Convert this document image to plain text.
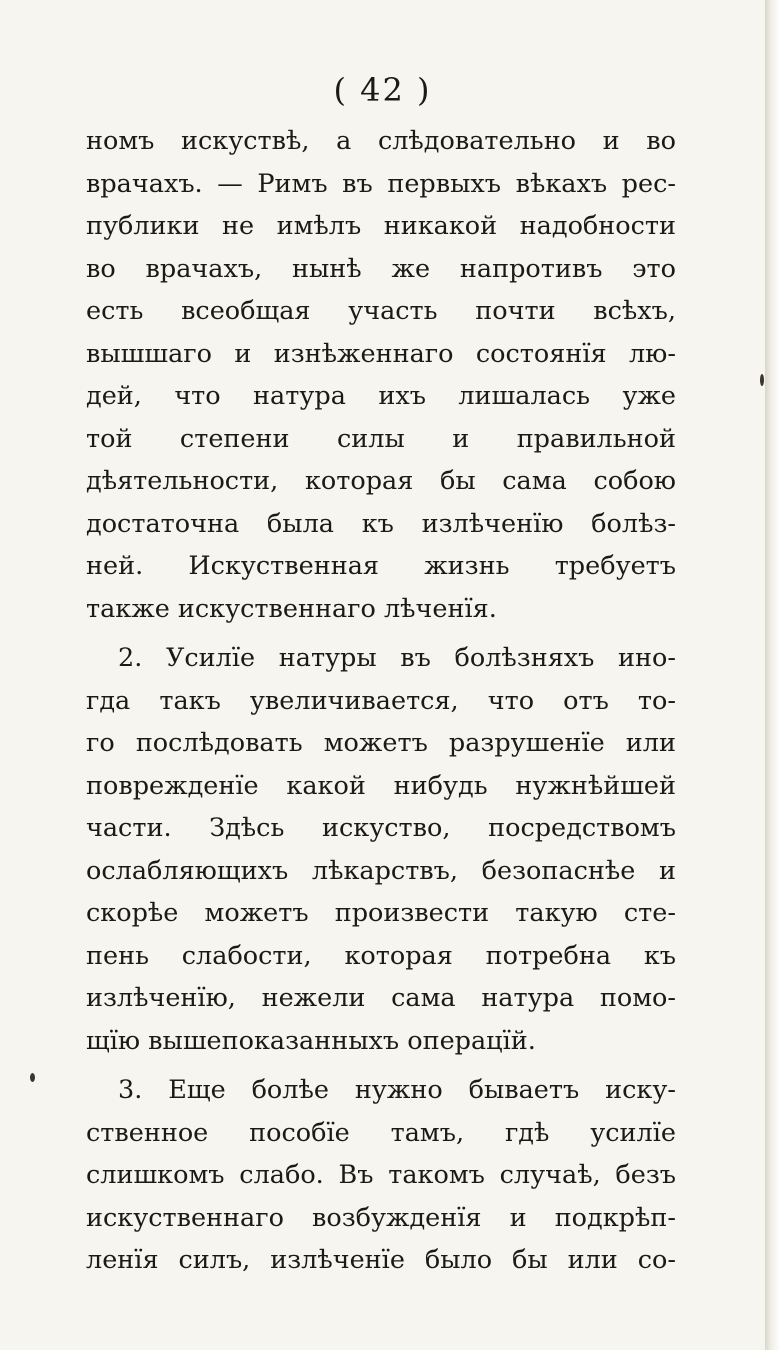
( 42 )
номъ искуствѣ, а слѣдовательно и во
врачахъ. — Римъ въ первыхъ вѣкахъ рес-
публики не имѣлъ никакой надобности
во врачахъ, нынѣ же напротивъ это
есть всеобщая участь почти всѣхъ,
вышшаго и изнѣженнаго состоянїя лю-
дей, что натура ихъ лишалась уже
той степени силы и правильной
дѣятельности, которая бы сама собою
достаточна была къ излѣченїю болѣз-
ней. Искуственная жизнь требуетъ
также искуственнаго лѣченїя.
2. Усилїе натуры въ болѣзняхъ ино-
гда такъ увеличивается, что отъ то-
го послѣдовать можетъ разрушенїе или
поврежденїе какой нибудь нужнѣйшей
части. Здѣсь искуство, посредствомъ
ослабляющихъ лѣкарствъ, безопаснѣе и
скорѣе можетъ произвести такую сте-
пень слабости, которая потребна къ
излѣченїю, нежели сама натура помо-
щїю вышепоказанныхъ операцїй.
3. Еще болѣе нужно бываетъ иску-
ственное пособїе тамъ, гдѣ усилїе
слишкомъ слабо. Въ такомъ случаѣ, безъ
искуственнаго возбужденїя и подкрѣп-
ленїя силъ, излѣченїе было бы или со-
